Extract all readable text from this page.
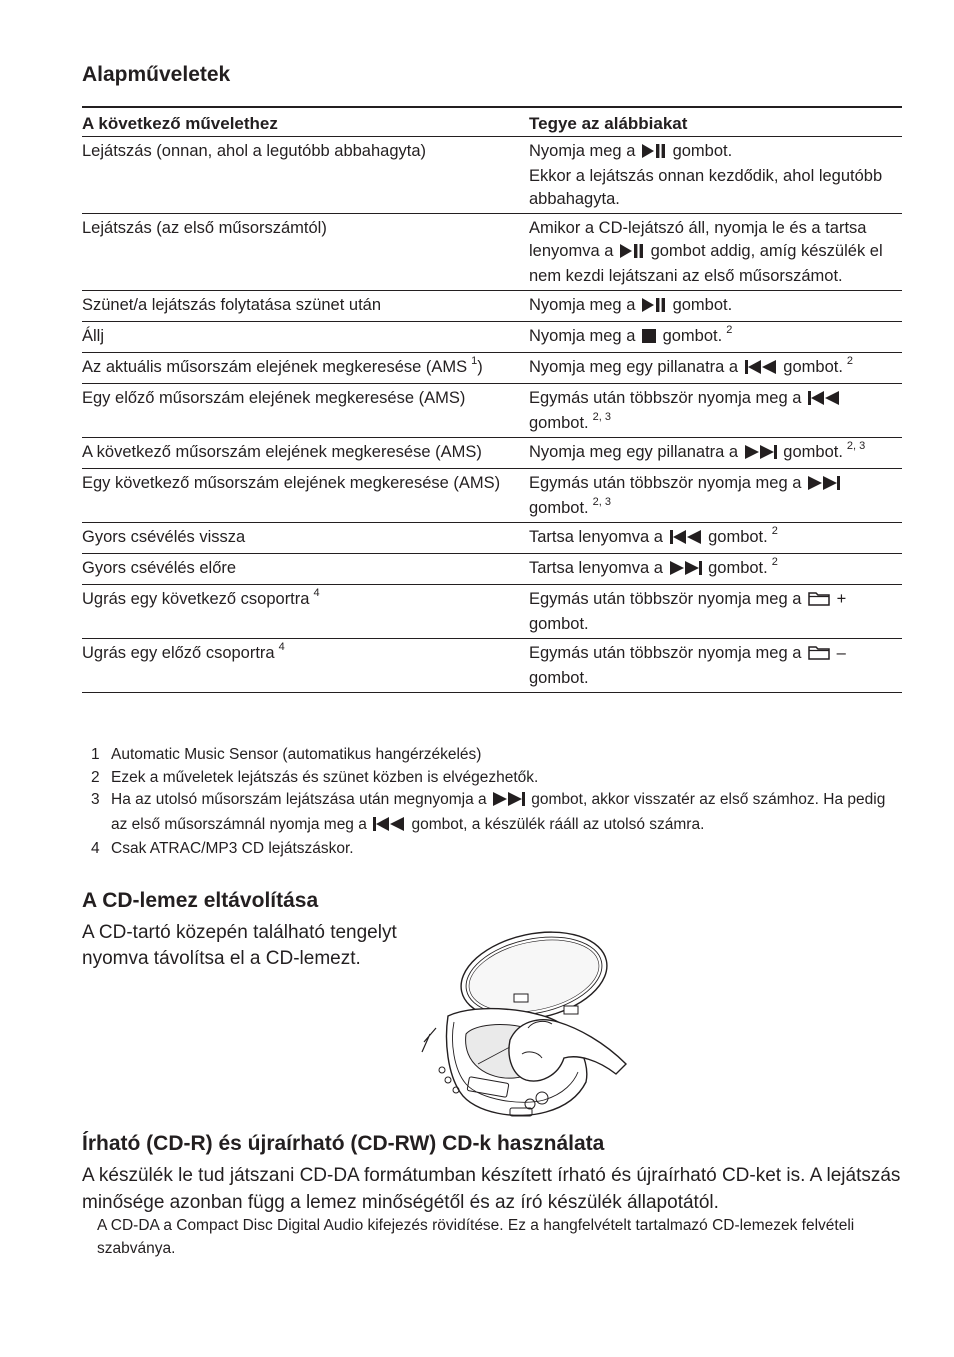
Alapműveletek
A következő művelethez	Tegye az alábbiakat
Lejátszás (onnan, ahol a legutóbb abbahagyta)	Nyomja meg a gombot.
Ekkor a lejátszás onnan kezdődik, ahol legutóbb abbahagyta.
Lejátszás (az első műsorszámtól)	Amikor a CD-lejátszó áll, nyomja le és a tartsa lenyomva a gombot addig, amíg készülék el nem kezdi lejátszani az első műsorszámot.
Szünet/a lejátszás folytatása szünet után	Nyomja meg a gombot.
Állj	Nyomja meg a gombot. $^2$
Az aktuális műsorszám elejének megkeresése (AMS $^1$)	Nyomja meg egy pillanatra a gombot. $^2$
Egy előző műsorszám elejének megkeresése (AMS)	Egymás után többször nyomja meg a  gombot. $^{2, 3}$
A következő műsorszám elejének megkeresése (AMS)	Nyomja meg egy pillanatra a gombot. $^{2, 3}$
Egy következő műsorszám elejének megkeresése (AMS)	Egymás után többször nyomja meg a  gombot. $^{2, 3}$
Gyors csévélés vissza	Tartsa lenyomva a gombot. $^2$
Gyors csévélés előre	Tartsa lenyomva a gombot. $^2$
Ugrás egy következő csoportra $^4$	Egymás után többször nyomja meg a + gombot.
Ugrás egy előző csoportra $^4$	Egymás után többször nyomja meg a – gombot.
1 Automatic Music Sensor (automatikus hangérzékelés)
2 Ezek a műveletek lejátszás és szünet közben is elvégezhetők.
3 Ha az utolsó műsorszám lejátszása után megnyomja a	gombot, akkor visszatér az első számhoz. Ha pedig az első műsorszámnál nyomja meg a	gombot, a készülék rááll az utolsó számra.
4 Csak ATRAC/MP3 CD lejátszáskor.
A CD-lemez eltávolítása

A CD-tartó közepén található tengelyt nyomva távolítsa el a CD-lemezt.

Írható (CD-R) és újraírható (CD-RW) CD-k használata

A készülék le tud játszani CD-DA formátumban készített írható és újraírható CD-ket is. A lejátszás minősége azonban függ a lemez minőségétől és az író készülék állapotától.

A CD-DA a Compact Disc Digital Audio kifejezés rövidítése. Ez a hangfelvételt tartalmazó CD-lemezek felvételi szabványa.
